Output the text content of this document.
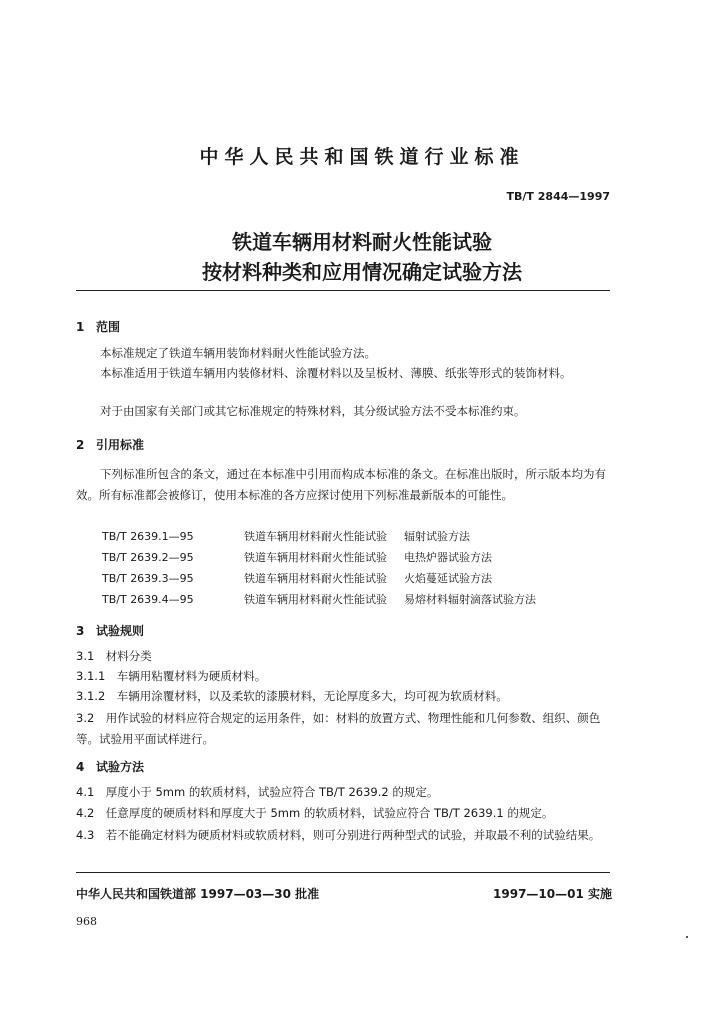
中华人民共和国铁道行业标准
TB/T 2844—1997
铁道车辆用材料耐火性能试验
按材料种类和应用情况确定试验方法
1 范围
本标准规定了铁道车辆用装饰材料耐火性能试验方法。
本标准适用于铁道车辆用内装修材料、涂覆材料以及呈板材、薄膜、纸张等形式的装饰材料。
对于由国家有关部门或其它标准规定的特殊材料，其分级试验方法不受本标准约束。
2 引用标准
下列标准所包含的条文，通过在本标准中引用而构成本标准的条文。在标准出版时，所示版本均为有效。所有标准都会被修订，使用本标准的各方应探讨使用下列标准最新版本的可能性。
TB/T 2639.1—95	铁道车辆用材料耐火性能试验 辐射试验方法
TB/T 2639.2—95	铁道车辆用材料耐火性能试验 电热炉器试验方法
TB/T 2639.3—95	铁道车辆用材料耐火性能试验 火焰蔓延试验方法
TB/T 2639.4—95	铁道车辆用材料耐火性能试验 易熔材料辐射滴落试验方法
3 试验规则
3.1　材料分类
3.1.1　车辆用粘覆材料为硬质材料。
3.1.2　车辆用涂覆材料，以及柔软的漆膜材料，无论厚度多大，均可视为软质材料。
3.2　用作试验的材料应符合规定的运用条件，如：材料的放置方式、物理性能和几何参数、组织、颜色等。试验用平面试样进行。
4 试验方法
4.1　厚度小于 5mm 的软质材料，试验应符合 TB/T 2639.2 的规定。
4.2　任意厚度的硬质材料和厚度大于 5mm 的软质材料，试验应符合 TB/T 2639.1 的规定。
4.3　若不能确定材料为硬质材料或软质材料，则可分别进行两种型式的试验，并取最不利的试验结果。
中华人民共和国铁道部 1997—03—30 批准	1997—10—01 实施
968
